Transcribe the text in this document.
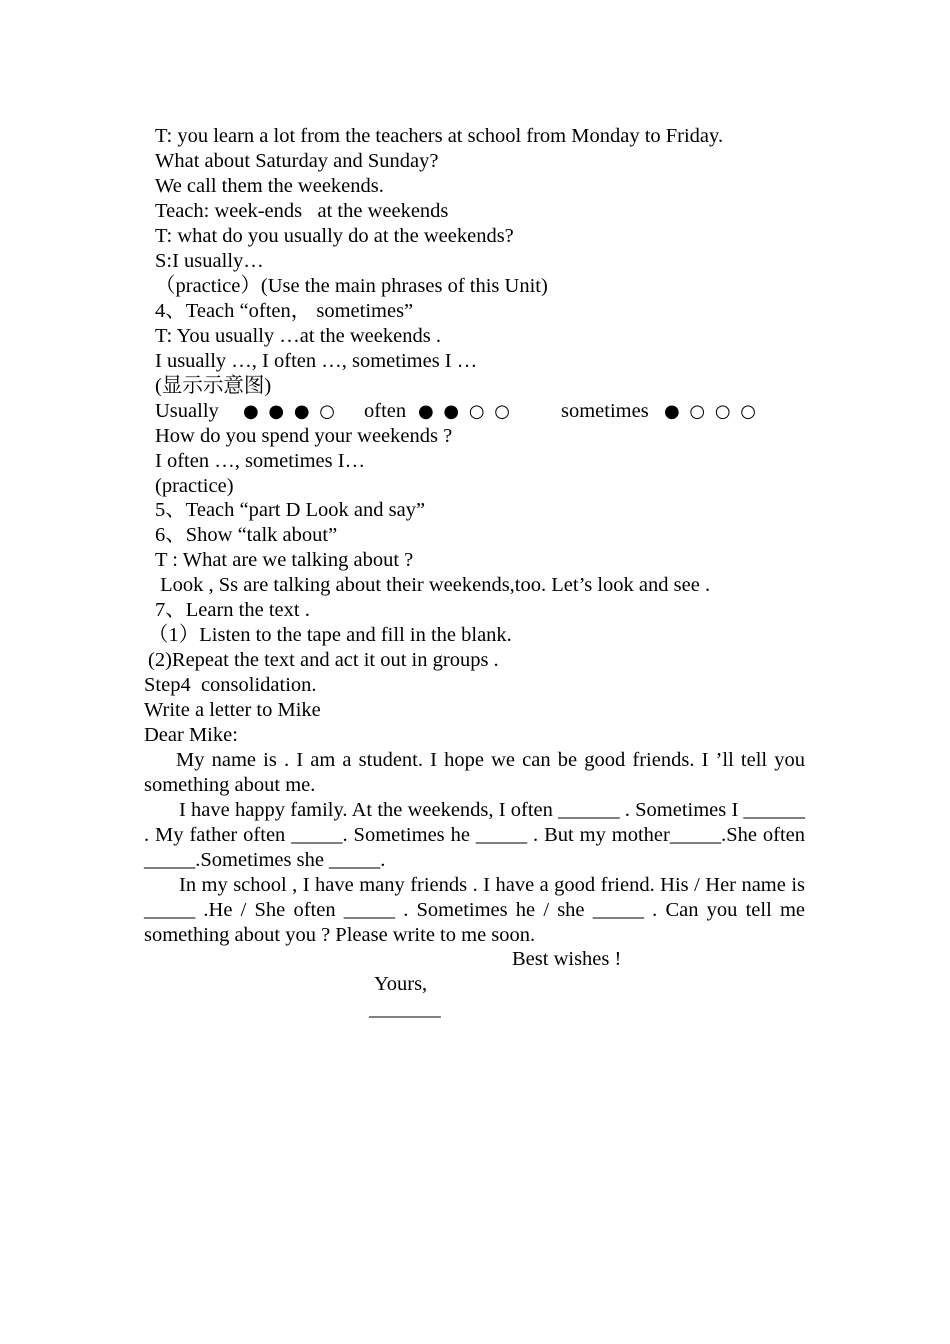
T: you learn a lot from the teachers at school from Monday to Friday.
What about Saturday and Sunday?
We call them the weekends.
Teach: week-ends   at the weekends
T: what do you usually do at the weekends?
S:I usually…
（practice）(Use the main phrases of this Unit)
4、Teach “often， sometimes”
T: You usually …at the weekends .
I usually …, I often …, sometimes I …
(显示示意图)
Usually ● ● ● ○ often ● ● ○ ○ sometimes ● ○ ○ ○
How do you spend your weekends ?
I often …, sometimes I…
(practice)
5、Teach “part D Look and say”
6、Show “talk about”
T : What are we talking about ?
Look , Ss are talking about their weekends,too. Let’s look and see .
7、Learn the text .
（1）Listen to the tape and fill in the blank.
(2)Repeat the text and act it out in groups .
Step4  consolidation.
Write a letter to Mike
Dear Mike:
My name is . I am a student. I hope we can be good friends. I ’ll tell you something about me.
I have happy family. At the weekends, I often ______ . Sometimes I ______ . My father often _____. Sometimes he _____ . But my mother_____.She often _____.Sometimes she _____.
In my school , I have many friends . I have a good friend. His / Her name is _____ .He / She often _____ . Sometimes he / she _____ . Can you tell me something about you ? Please write to me soon.
Best wishes !
Yours,
_______
